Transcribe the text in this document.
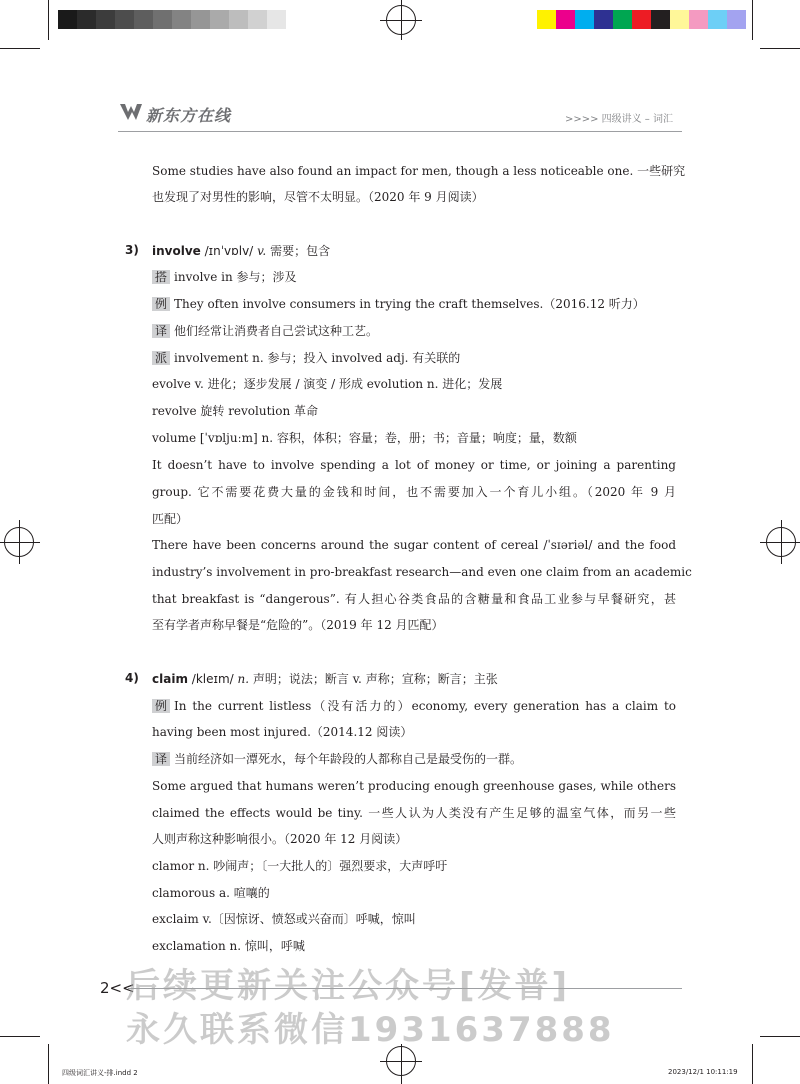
新东方在线	>>>> 四级讲义 – 词汇
Some studies have also found an impact for men, though a less noticeable one. 一些研究
也发现了对男性的影响，尽管不太明显。（2020 年 9 月阅读）
3) involve /ɪnˈvɒlv/ v. 需要；包含
搭 involve in 参与；涉及
例 They often involve consumers in trying the craft themselves.（2016.12 听力）
译 他们经常让消费者自己尝试这种工艺。
派 involvement n. 参与；投入 involved adj. 有关联的
evolve v. 进化；逐步发展 / 演变 / 形成 evolution n. 进化；发展
revolve 旋转 revolution 革命
volume [ˈvɒljuːm] n. 容积，体积；容量；卷，册；书；音量；响度；量，数额
It doesn’t have to involve spending a lot of money or time, or joining a parenting
group. 它不需要花费大量的金钱和时间，也不需要加入一个育儿小组。（2020 年 9 月
匹配）
There have been concerns around the sugar content of cereal /ˈsɪəriəl/ and the food
industry’s involvement in pro-breakfast research—and even one claim from an academic
that breakfast is “dangerous”. 有人担心谷类食品的含糖量和食品工业参与早餐研究，甚
至有学者声称早餐是“危险的”。（2019 年 12 月匹配）
4) claim /kleɪm/ n. 声明；说法；断言 v. 声称；宣称；断言；主张
例 In the current listless（没有活力的）economy, every generation has a claim to
having been most injured.（2014.12 阅读）
译 当前经济如一潭死水，每个年龄段的人都称自己是最受伤的一群。
Some argued that humans weren’t producing enough greenhouse gases, while others
claimed the effects would be tiny. 一些人认为人类没有产生足够的温室气体，而另一些
人则声称这种影响很小。（2020 年 12 月阅读）
clamor n. 吵闹声；〔一大批人的〕强烈要求，大声呼吁
clamorous a. 喧嚷的
exclaim v.〔因惊讶、愤怒或兴奋而〕呼喊，惊叫
exclamation n. 惊叫，呼喊
2<<
后续更新关注公众号[发普]
永久联系微信1931637888
四级词汇讲义-排.indd 2	2023/12/1 10:11:19
